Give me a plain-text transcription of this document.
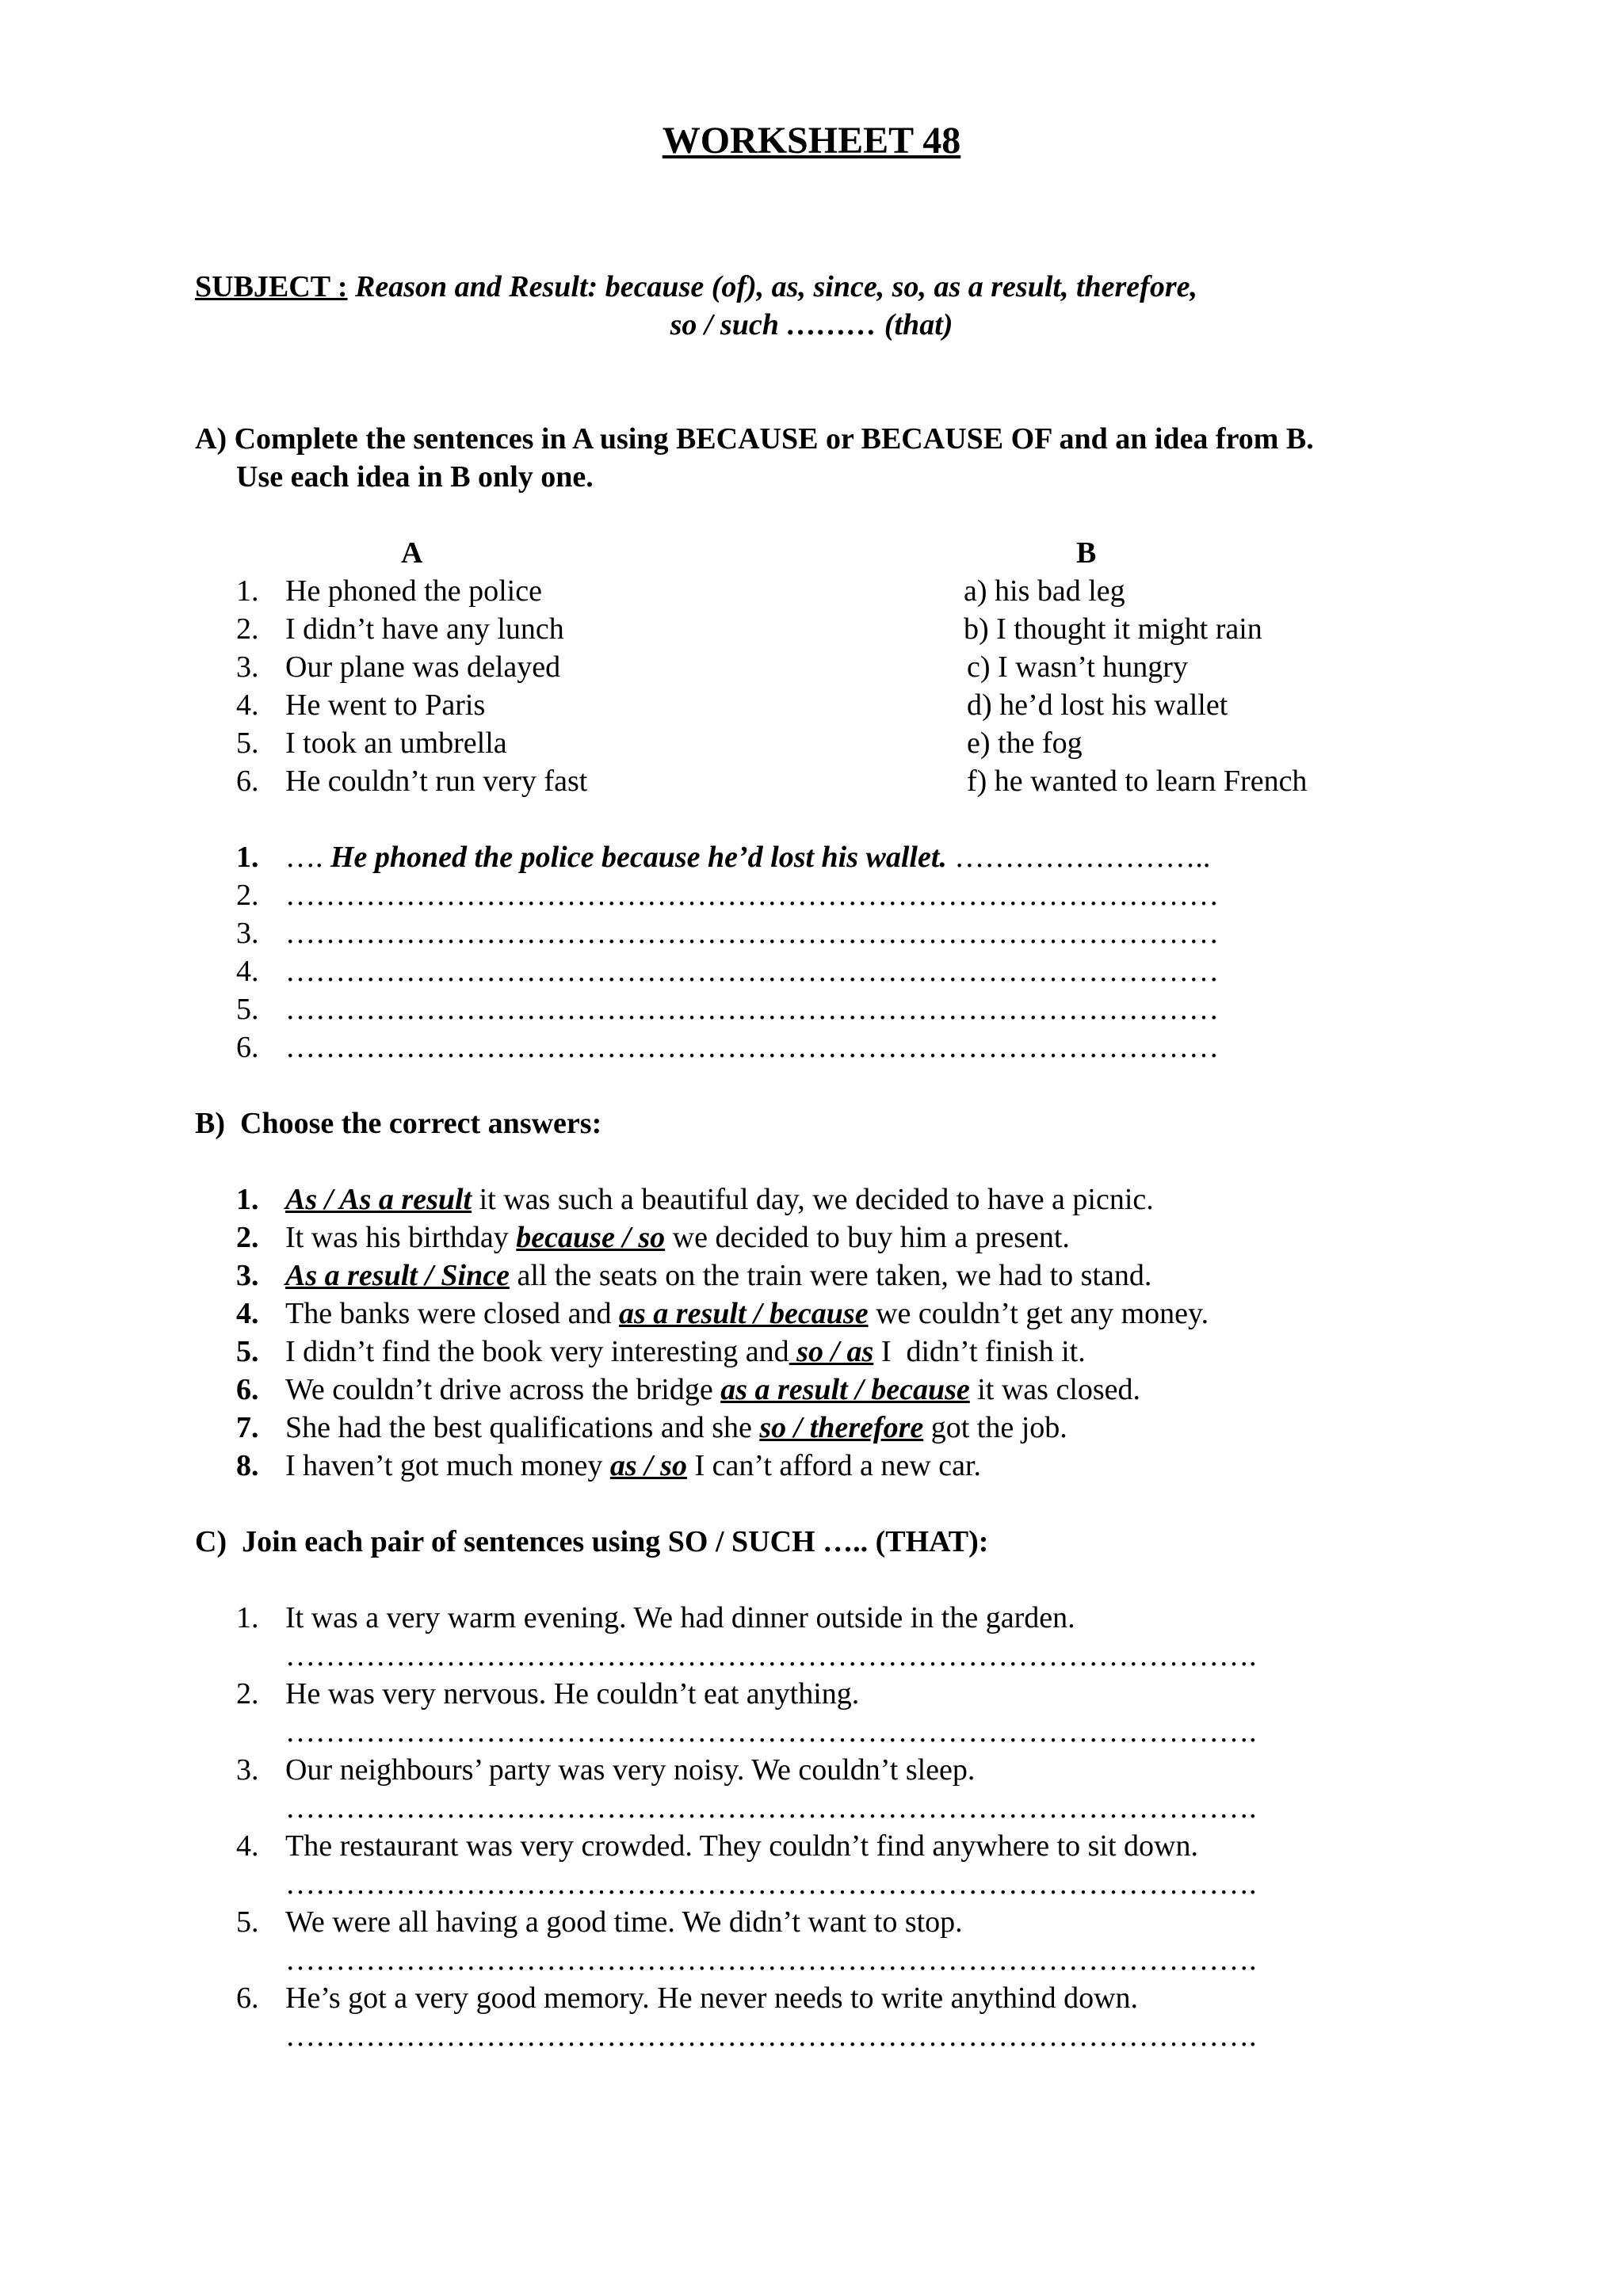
WORKSHEET 48
SUBJECT : Reason and Result: because (of), as, since, so, as a result, therefore,
so / such ……… (that)
A) Complete the sentences in A using BECAUSE or BECAUSE OF and an idea from B.
Use each idea in B only one.
A	B
1. He phoned the police
2. I didn’t have any lunch
3. Our plane was delayed
4. He went to Paris
5. I took an umbrella
6. He couldn’t run very fast
a) his bad leg
b) I thought it might rain
c) I wasn’t hungry
d) he’d lost his wallet
e) the fog
f) he wanted to learn French
1. …. He phoned the police because he’d lost his wallet. ……………………..
2. …………………………………………………………………………………
3. …………………………………………………………………………………
4. …………………………………………………………………………………
5. …………………………………………………………………………………
6. …………………………………………………………………………………
B)  Choose the correct answers:
1. As / As a result it was such a beautiful day, we decided to have a picnic.
2. It was his birthday because / so we decided to buy him a present.
3. As a result / Since all the seats on the train were taken, we had to stand.
4. The banks were closed and as a result / because we couldn’t get any money.
5. I didn’t find the book very interesting and so / as I  didn’t finish it.
6. We couldn’t drive across the bridge as a result / because it was closed.
7. She had the best qualifications and she so / therefore got the job.
8. I haven’t got much money as / so I can’t afford a new car.
C)  Join each pair of sentences using SO / SUCH ….. (THAT):
1. It was a very warm evening. We had dinner outside in the garden.
…………………………………………………………………………………….
2. He was very nervous. He couldn’t eat anything.
…………………………………………………………………………………….
3. Our neighbours’ party was very noisy. We couldn’t sleep.
…………………………………………………………………………………….
4. The restaurant was very crowded. They couldn’t find anywhere to sit down.
…………………………………………………………………………………….
5. We were all having a good time. We didn’t want to stop.
…………………………………………………………………………………….
6. He’s got a very good memory. He never needs to write anythind down.
…………………………………………………………………………………….
